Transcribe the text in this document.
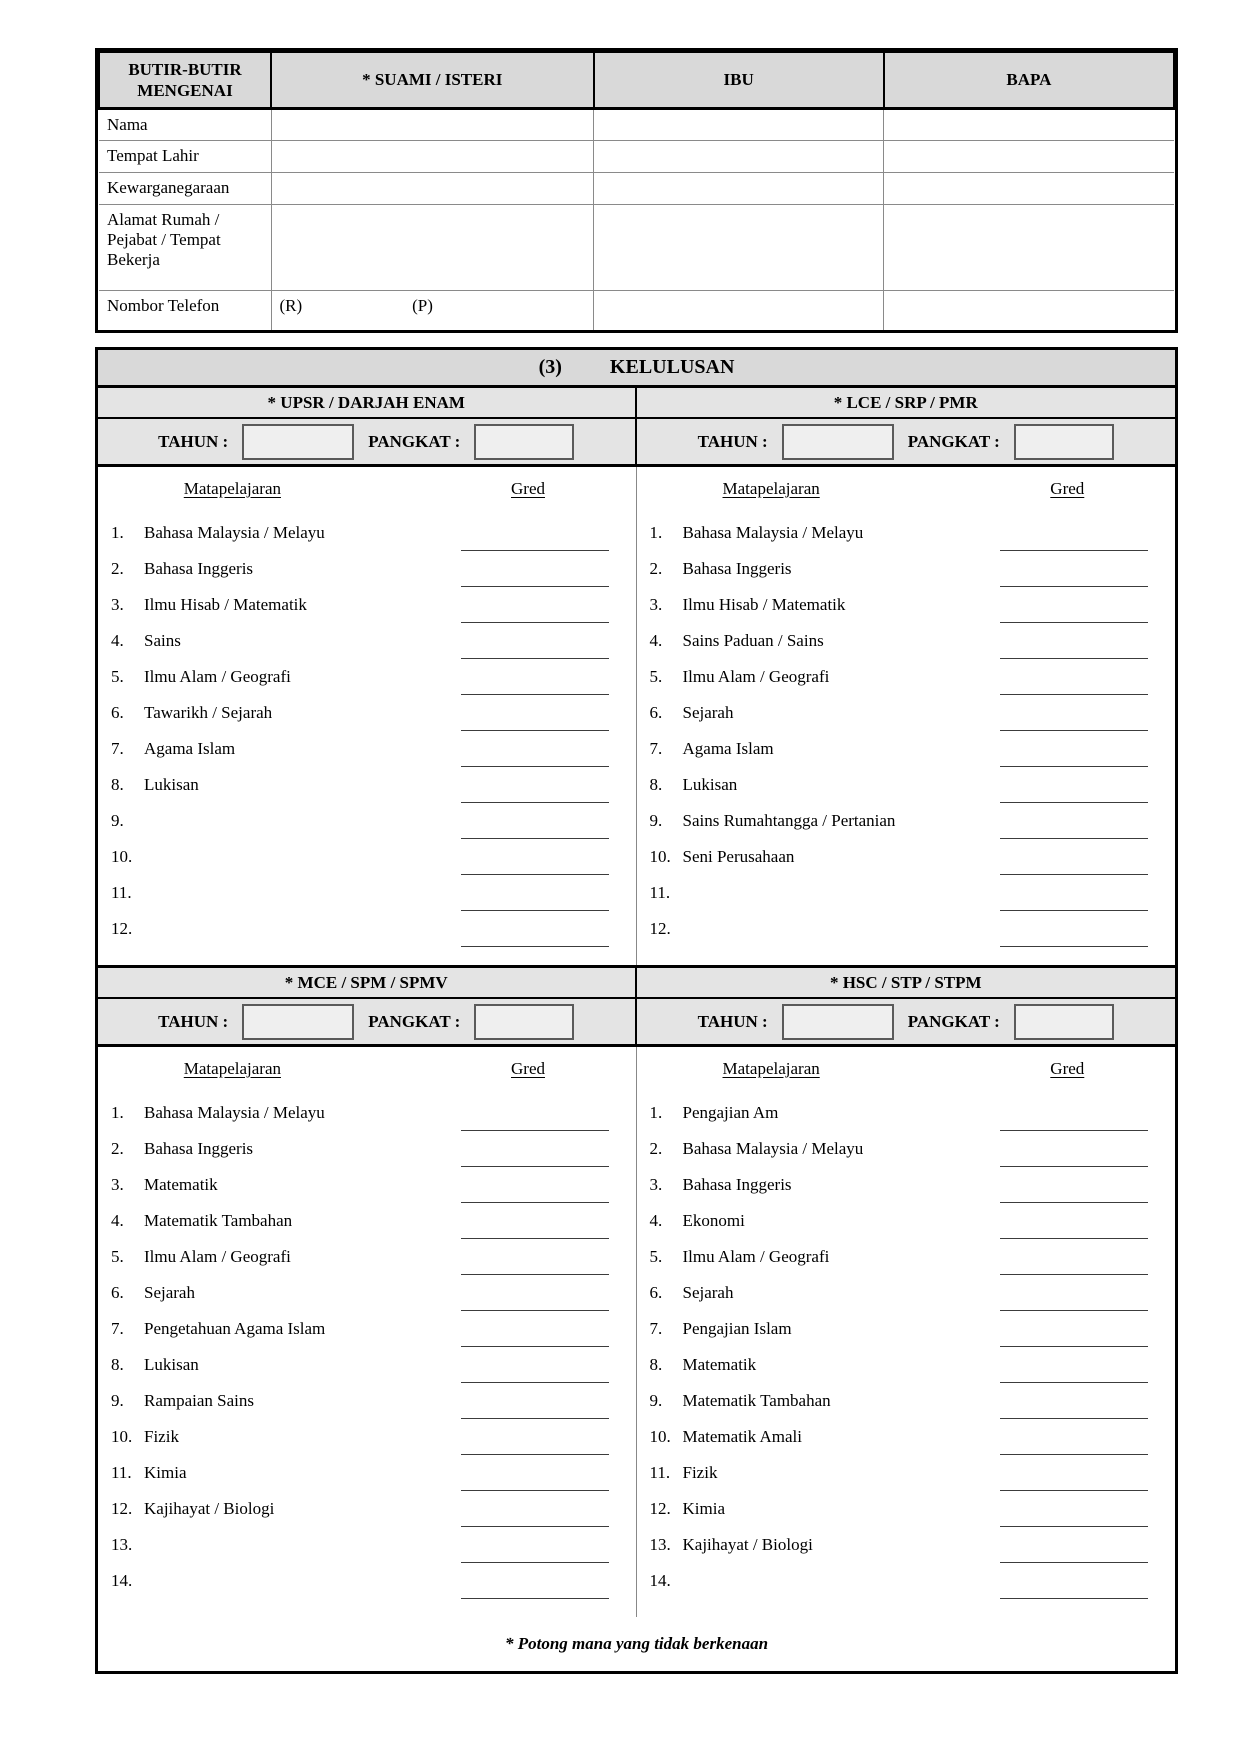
BUTIR-BUTIR MENGENAI	* SUAMI / ISTERI	IBU	BAPA
Nama			
Tempat Lahir			
Kewarganegaraan			
Alamat Rumah / Pejabat / Tempat Bekerja			
Nombor Telefon	(R) (P)		

(3) KELULUSAN
* UPSR / DARJAH ENAM	* LCE / SRP / PMR
TAHUN :	PANGKAT :	TAHUN :	PANGKAT :
Matapelajaran	Gred
1.	Bahasa Malaysia / Melayu
2.	Bahasa Inggeris
3.	Ilmu Hisab / Matematik
4.	Sains
5.	Ilmu Alam / Geografi
6.	Tawarikh / Sejarah
7.	Agama Islam
8.	Lukisan
9.
10.
11.
12.
Matapelajaran	Gred
1.	Bahasa Malaysia / Melayu
2.	Bahasa Inggeris
3.	Ilmu Hisab / Matematik
4.	Sains Paduan / Sains
5.	Ilmu Alam / Geografi
6.	Sejarah
7.	Agama Islam
8.	Lukisan
9.	Sains Rumahtangga / Pertanian
10. Seni Perusahaan
11.
12.
* MCE / SPM / SPMV	* HSC / STP / STPM
TAHUN :	PANGKAT :	TAHUN :	PANGKAT :
Matapelajaran	Gred
1.	Bahasa Malaysia / Melayu
2.	Bahasa Inggeris
3.	Matematik
4.	Matematik Tambahan
5.	Ilmu Alam / Geografi
6.	Sejarah
7.	Pengetahuan Agama Islam
8.	Lukisan
9.	Rampaian Sains
10. Fizik
11. Kimia
12. Kajihayat / Biologi
13.
14.
Matapelajaran	Gred
1.	Pengajian Am
2.	Bahasa Malaysia / Melayu
3.	Bahasa Inggeris
4.	Ekonomi
5.	Ilmu Alam / Geografi
6.	Sejarah
7.	Pengajian Islam
8.	Matematik
9.	Matematik Tambahan
10. Matematik Amali
11. Fizik
12. Kimia
13. Kajihayat / Biologi
14.
* Potong mana yang tidak berkenaan
